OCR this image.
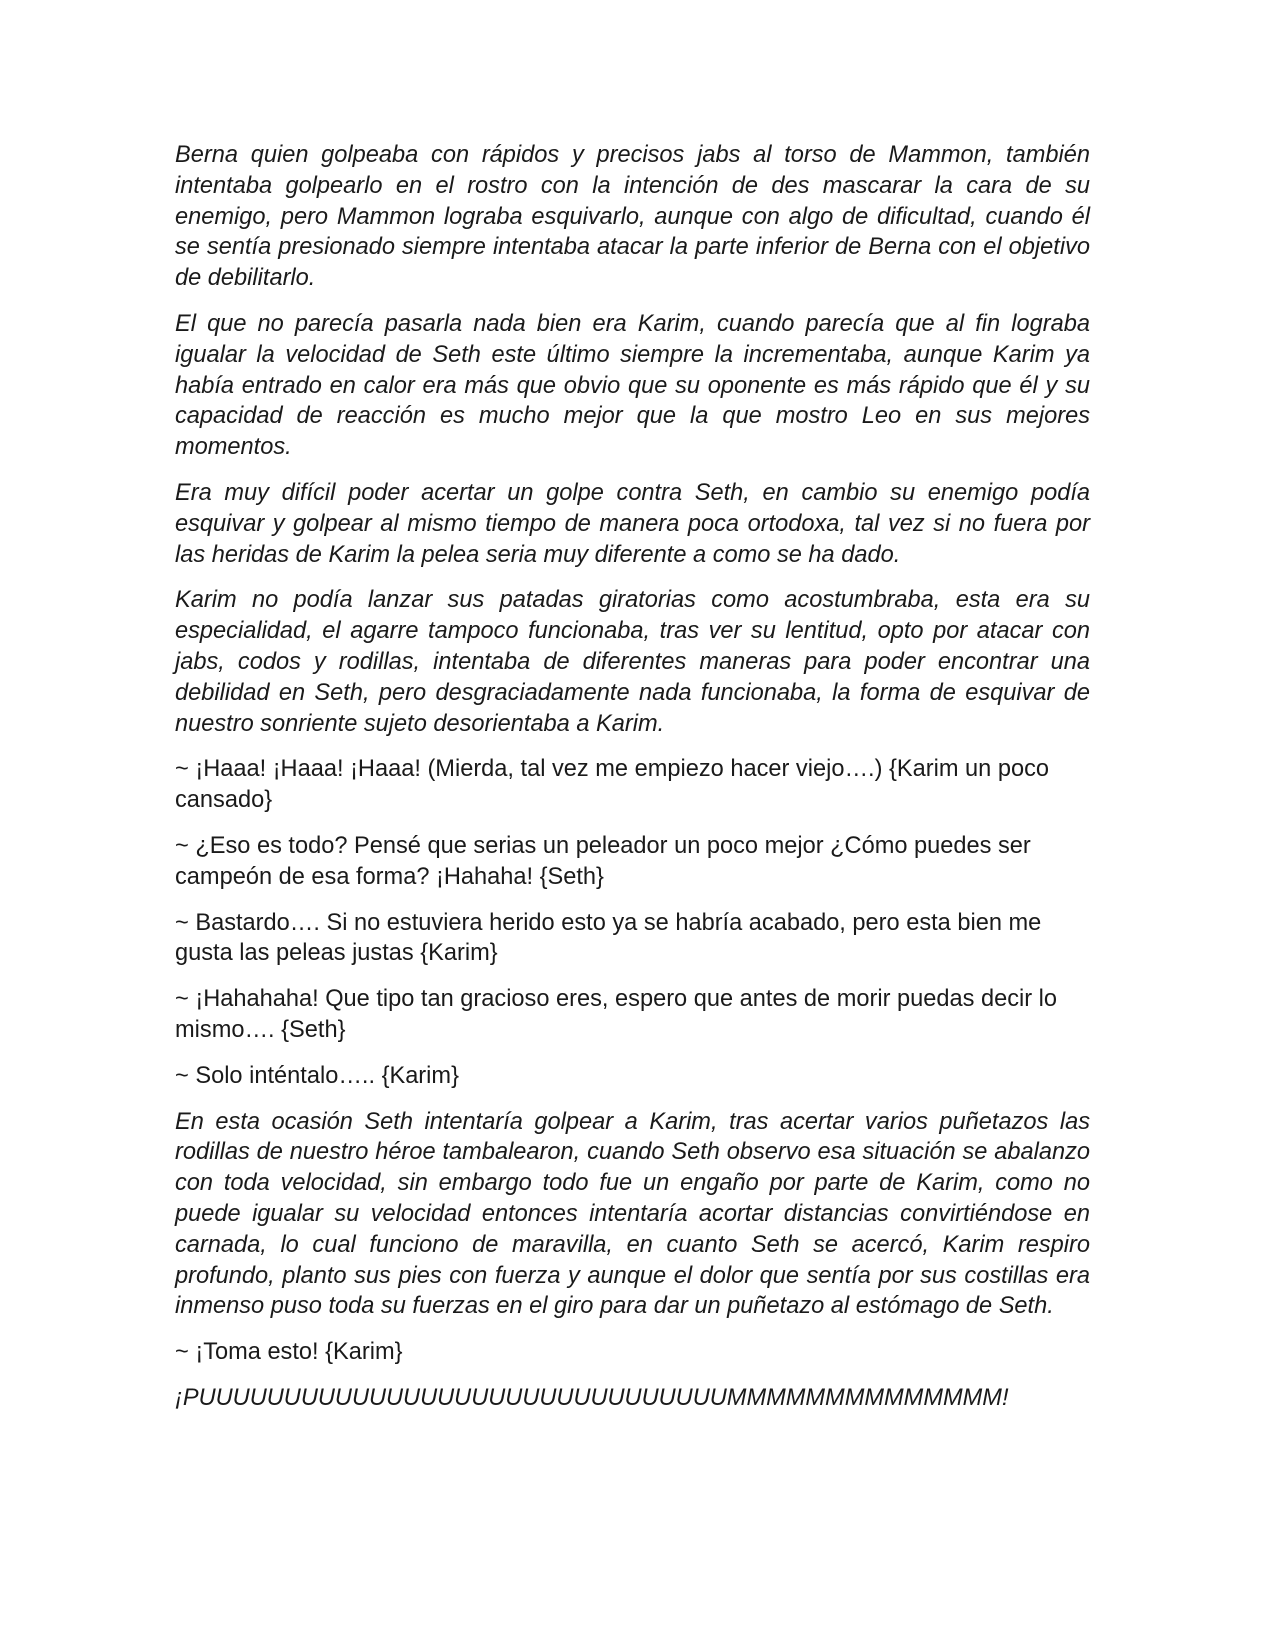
Berna quien golpeaba con rápidos y precisos jabs al torso de Mammon, también intentaba golpearlo en el rostro con la intención de des mascarar la cara de su enemigo, pero Mammon lograba esquivarlo, aunque con algo de dificultad, cuando él se sentía presionado siempre intentaba atacar la parte inferior de Berna con el objetivo de debilitarlo.

El que no parecía pasarla nada bien era Karim, cuando parecía que al fin lograba igualar la velocidad de Seth este último siempre la incrementaba, aunque Karim ya había entrado en calor era más que obvio que su oponente es más rápido que él y su capacidad de reacción es mucho mejor que la que mostro Leo en sus mejores momentos.

Era muy difícil poder acertar un golpe contra Seth, en cambio su enemigo podía esquivar y golpear al mismo tiempo de manera poca ortodoxa, tal vez si no fuera por las heridas de Karim la pelea seria muy diferente a como se ha dado.

Karim no podía lanzar sus patadas giratorias como acostumbraba, esta era su especialidad, el agarre tampoco funcionaba, tras ver su lentitud, opto por atacar con jabs, codos y rodillas, intentaba de diferentes maneras para poder encontrar una debilidad en Seth, pero desgraciadamente nada funcionaba, la forma de esquivar de nuestro sonriente sujeto desorientaba a Karim.

~ ¡Haaa! ¡Haaa! ¡Haaa! (Mierda, tal vez me empiezo hacer viejo….) {Karim un poco cansado}

~ ¿Eso es todo? Pensé que serias un peleador un poco mejor ¿Cómo puedes ser campeón de esa forma? ¡Hahaha! {Seth}

~ Bastardo…. Si no estuviera herido esto ya se habría acabado, pero esta bien me gusta las peleas justas {Karim}

~ ¡Hahahaha! Que tipo tan gracioso eres, espero que antes de morir puedas decir lo mismo…. {Seth}

~ Solo inténtalo….. {Karim}

En esta ocasión Seth intentaría golpear a Karim, tras acertar varios puñetazos las rodillas de nuestro héroe tambalearon, cuando Seth observo esa situación se abalanzo con toda velocidad, sin embargo todo fue un engaño por parte de Karim, como no puede igualar su velocidad entonces intentaría acortar distancias convirtiéndose en carnada, lo cual funciono de maravilla, en cuanto Seth se acercó, Karim respiro profundo, planto sus pies con fuerza y aunque el dolor que sentía por sus costillas era inmenso puso toda su fuerzas en el giro para dar un puñetazo al estómago de Seth.

~ ¡Toma esto! {Karim}

¡PUUUUUUUUUUUUUUUUUUUUUUUUUUUUUUUMMMMMMMMMMMMMM!
